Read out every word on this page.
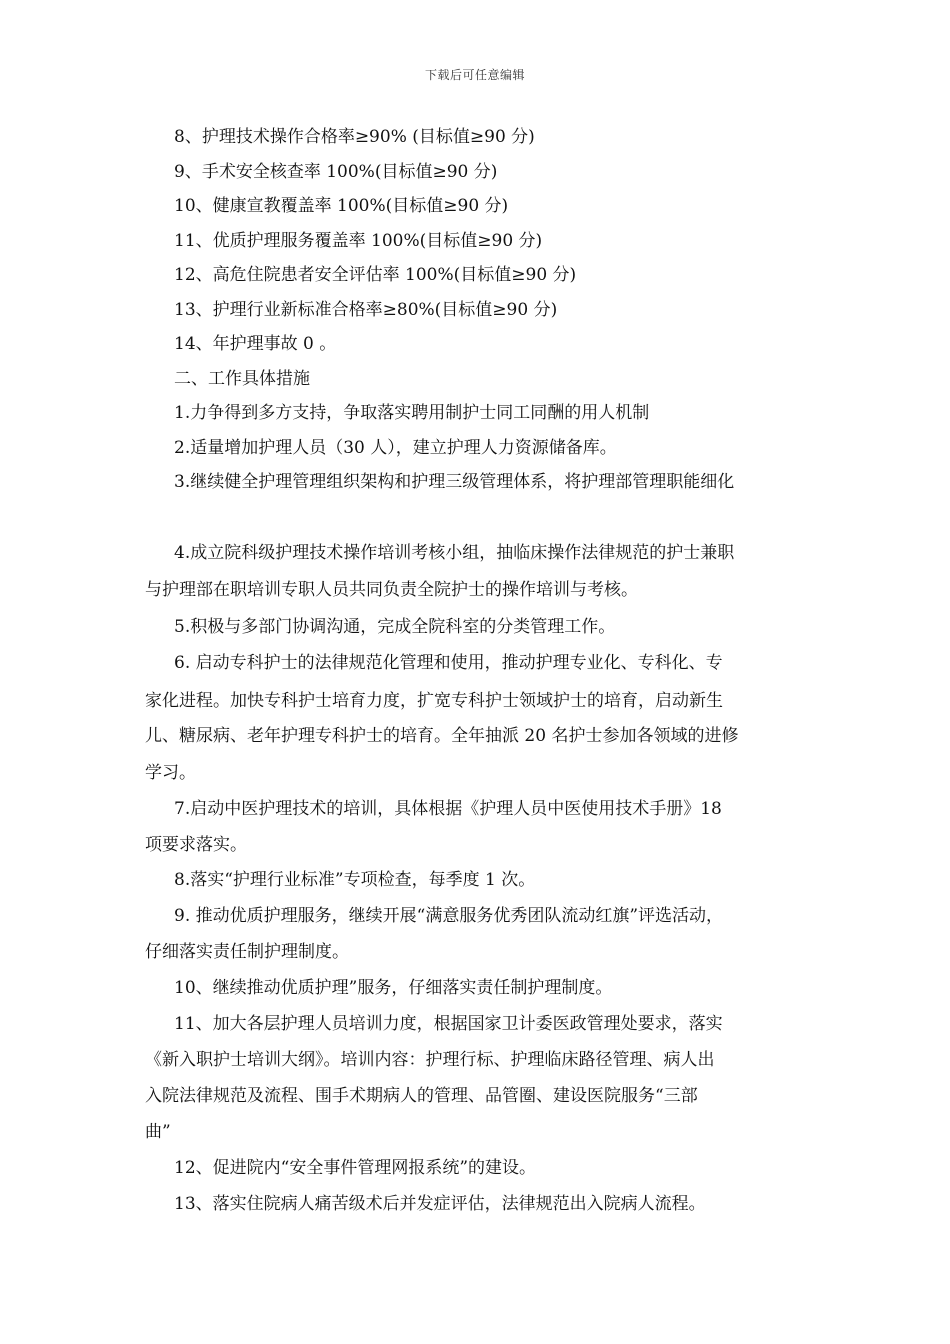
下载后可任意编辑
8、护理技术操作合格率≥90% (目标值≥90 分)
9、手术安全核查率 100%(目标值≥90 分)
10、健康宣教覆盖率 100%(目标值≥90 分)
11、优质护理服务覆盖率 100%(目标值≥90 分)
12、高危住院患者安全评估率 100%(目标值≥90 分)
13、护理行业新标准合格率≥80%(目标值≥90 分)
14、年护理事故 0 。
二、工作具体措施
1.力争得到多方支持，争取落实聘用制护士同工同酬的用人机制
2.适量增加护理人员（30 人），建立护理人力资源储备库。
3.继续健全护理管理组织架构和护理三级管理体系，将护理部管理职能细化
4.成立院科级护理技术操作培训考核小组，抽临床操作法律规范的护士兼职
与护理部在职培训专职人员共同负责全院护士的操作培训与考核。
5.积极与多部门协调沟通，完成全院科室的分类管理工作。
6. 启动专科护士的法律规范化管理和使用，推动护理专业化、专科化、专
家化进程。加快专科护士培育力度，扩宽专科护士领域护士的培育，启动新生
儿、糖尿病、老年护理专科护士的培育。全年抽派 20 名护士参加各领域的进修
学习。
7.启动中医护理技术的培训，具体根据《护理人员中医使用技术手册》18
项要求落实。
8.落实“护理行业标准”专项检查，每季度 1 次。
9. 推动优质护理服务，继续开展“满意服务优秀团队流动红旗”评选活动，
仔细落实责任制护理制度。
10、继续推动优质护理”服务，仔细落实责任制护理制度。
11、加大各层护理人员培训力度，根据国家卫计委医政管理处要求，落实
《新入职护士培训大纲》。培训内容：护理行标、护理临床路径管理、病人出
入院法律规范及流程、围手术期病人的管理、品管圈、建设医院服务“三部
曲”
12、促进院内“安全事件管理网报系统”的建设。
13、落实住院病人痛苦级术后并发症评估，法律规范出入院病人流程。
